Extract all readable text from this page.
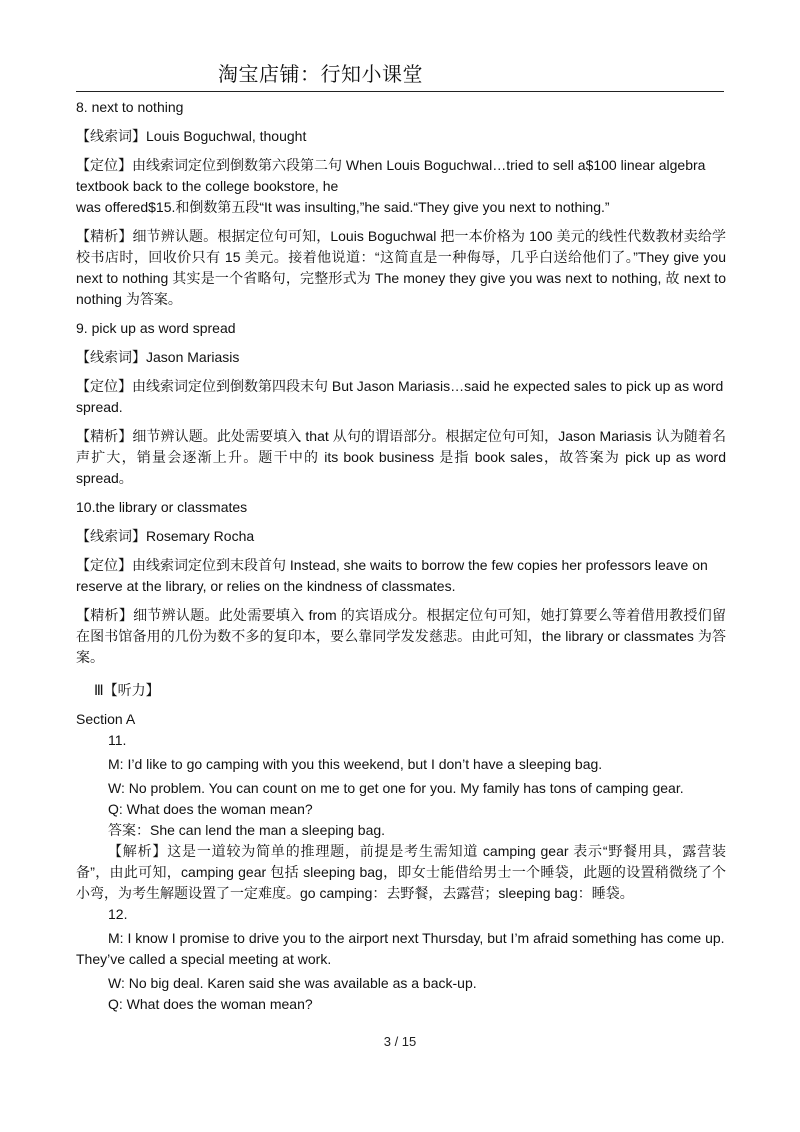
淘宝店铺：行知小课堂

8. next to nothing

【线索词】Louis Boguchwal, thought

【定位】由线索词定位到倒数第六段第二句 When Louis Boguchwal…tried to sell a$100 linear algebra textbook back to the college bookstore, he

was offered$15.和倒数第五段“It was insulting,”he said.“They give you next to nothing.”

【精析】细节辨认题。根据定位句可知，Louis Boguchwal 把一本价格为 100 美元的线性代数教材卖给学校书店时，回收价只有 15 美元。接着他说道：“这简直是一种侮辱，几乎白送给他们了。”They give you next to nothing 其实是一个省略句，完整形式为 The money they give you was next to nothing, 故 next to nothing 为答案。

9. pick up as word spread

【线索词】Jason Mariasis

【定位】由线索词定位到倒数第四段末句 But Jason Mariasis…said he expected sales to pick up as word spread.

【精析】细节辨认题。此处需要填入 that 从句的谓语部分。根据定位句可知，Jason Mariasis 认为随着名声扩大，销量会逐渐上升。题干中的 its book business 是指 book sales，故答案为 pick up as word spread。

10.the library or classmates

【线索词】Rosemary Rocha

【定位】由线索词定位到末段首句 Instead, she waits to borrow the few copies her professors leave on reserve at the library, or relies on the kindness of classmates.

【精析】细节辨认题。此处需要填入 from 的宾语成分。根据定位句可知，她打算要么等着借用教授们留在图书馆备用的几份为数不多的复印本，要么靠同学发发慈悲。由此可知，the library or classmates 为答案。

Ⅲ【听力】

Section A

11.

M: I’d like to go camping with you this weekend, but I don’t have a sleeping bag.

W: No problem. You can count on me to get one for you. My family has tons of camping gear.

Q: What does the woman mean?

答案：She can lend the man a sleeping bag.

【解析】这是一道较为简单的推理题，前提是考生需知道 camping gear 表示“野餐用具，露营装备”，由此可知，camping gear 包括 sleeping bag，即女士能借给男士一个睡袋，此题的设置稍微绕了个小弯，为考生解题设置了一定难度。go camping：去野餐，去露营；sleeping bag：睡袋。

12.

M: I know I promise to drive you to the airport next Thursday, but I’m afraid something has come up. They’ve called a special meeting at work.

W: No big deal. Karen said she was available as a back-up.

Q: What does the woman mean?

3 / 15
